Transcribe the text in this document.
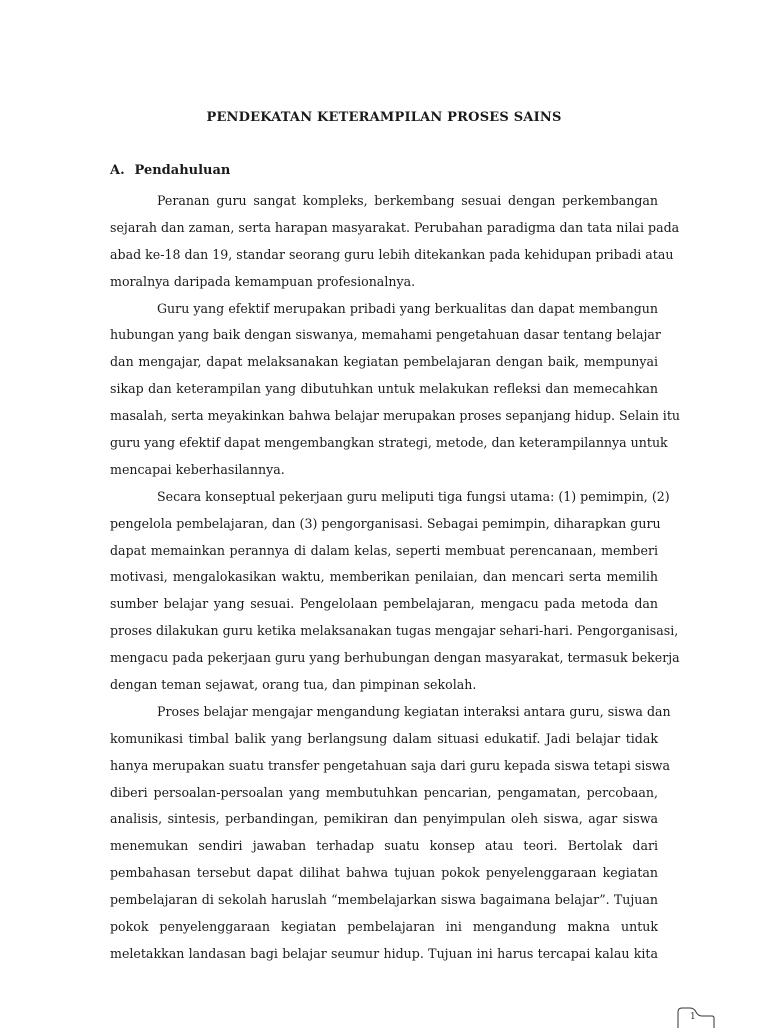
PENDEKATAN KETERAMPILAN PROSES SAINS
A. Pendahuluan
Peranan guru sangat kompleks, berkembang sesuai dengan perkembangan
sejarah dan zaman, serta harapan masyarakat. Perubahan paradigma dan tata nilai pada
abad ke-18 dan 19, standar seorang guru lebih ditekankan pada kehidupan pribadi atau
moralnya daripada kemampuan profesionalnya.
Guru yang efektif merupakan pribadi yang berkualitas dan dapat membangun
hubungan yang baik dengan siswanya, memahami pengetahuan dasar tentang belajar
dan mengajar, dapat melaksanakan kegiatan pembelajaran dengan baik, mempunyai
sikap dan keterampilan yang dibutuhkan untuk melakukan refleksi dan memecahkan
masalah, serta meyakinkan bahwa belajar merupakan proses sepanjang hidup. Selain itu
guru yang efektif dapat mengembangkan strategi, metode, dan keterampilannya untuk
mencapai keberhasilannya.
Secara konseptual pekerjaan guru meliputi tiga fungsi utama: (1) pemimpin, (2)
pengelola pembelajaran, dan (3) pengorganisasi. Sebagai pemimpin, diharapkan guru
dapat memainkan perannya di dalam kelas, seperti membuat perencanaan, memberi
motivasi, mengalokasikan waktu, memberikan penilaian, dan mencari serta memilih
sumber belajar yang sesuai. Pengelolaan pembelajaran, mengacu pada metoda dan
proses dilakukan guru ketika melaksanakan tugas mengajar sehari-hari. Pengorganisasi,
mengacu pada pekerjaan guru yang berhubungan dengan masyarakat, termasuk bekerja
dengan teman sejawat, orang tua, dan pimpinan sekolah.
Proses belajar mengajar mengandung kegiatan interaksi antara guru, siswa dan
komunikasi timbal balik yang berlangsung dalam situasi edukatif. Jadi belajar tidak
hanya merupakan suatu transfer pengetahuan saja dari guru kepada siswa tetapi siswa
diberi persoalan-persoalan yang membutuhkan pencarian, pengamatan, percobaan,
analisis, sintesis, perbandingan, pemikiran dan penyimpulan oleh siswa, agar siswa
menemukan sendiri jawaban terhadap suatu konsep atau teori. Bertolak dari
pembahasan tersebut dapat dilihat bahwa tujuan pokok penyelenggaraan kegiatan
pembelajaran di sekolah haruslah “membelajarkan siswa bagaimana belajar”. Tujuan
pokok penyelenggaraan kegiatan pembelajaran ini mengandung makna untuk
meletakkan landasan bagi belajar seumur hidup. Tujuan ini harus tercapai kalau kita
1
